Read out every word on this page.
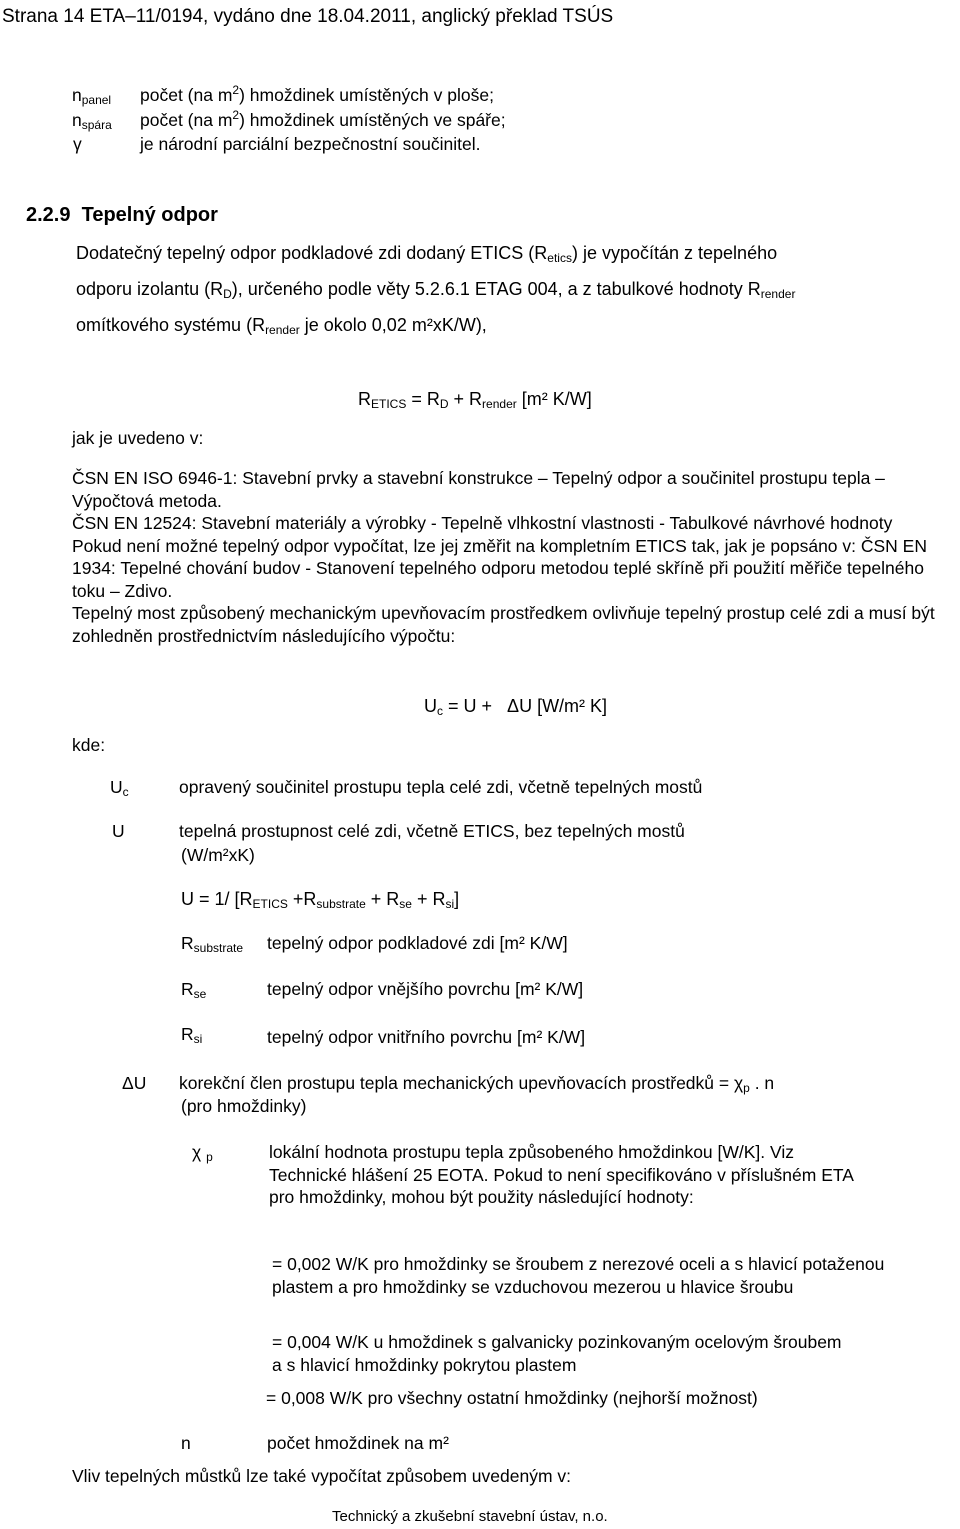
Strana 14 ETA–11/0194, vydáno dne 18.04.2011, anglický překlad TSÚS
$n_{panel}$ počet (na $m^2$) hmoždinek umístěných v ploše;
$n_{spára}$ počet (na $m^2$) hmoždinek umístěných ve spáře;
γ	je národní parciální bezpečnostní součinitel.
2.2.9 Tepelný odpor
Dodatečný tepelný odpor podkladové zdi dodaný ETICS $(R_{etics})$ je vypočítán z tepelného
odporu izolantu $(R_D)$, určeného podle věty 5.2.6.1 ETAG 004, a z tabulkové hodnoty $R_{render}$
omítkového systému ($R_{render}$ je okolo 0,02 m²xK/W),
$R_{ETICS} = R_D + R_{render}$ [m² K/W]
jak je uvedeno v:
ČSN EN ISO 6946-1: Stavební prvky a stavební konstrukce – Tepelný odpor a součinitel prostupu tepla – Výpočtová metoda.
ČSN EN 12524: Stavební materiály a výrobky - Tepelně vlhkostní vlastnosti - Tabulkové návrhové hodnoty
Pokud není možné tepelný odpor vypočítat, lze jej změřit na kompletním ETICS tak, jak je popsáno v: ČSN EN 1934: Tepelné chování budov - Stanovení tepelného odporu metodou teplé skříně při použití měřiče tepelného toku – Zdivo.
Tepelný most způsobený mechanickým upevňovacím prostředkem ovlivňuje tepelný prostup celé zdi a musí být zohledněn prostřednictvím následujícího výpočtu:
$U_c = U + \Delta U$ [W/m² K]
kde:
$U_c$	opravený součinitel prostupu tepla celé zdi, včetně tepelných mostů
U	tepelná prostupnost celé zdi, včetně ETICS, bez tepelných mostů
(W/m²xK)
U = 1/ $[R_{ETICS} +R_{substrate} + R_{se} + R_{si}]$
$R_{substrate}$ tepelný odpor podkladové zdi [m² K/W]
$R_{se}$	tepelný odpor vnějšího povrchu [m² K/W]
$R_{si}$	tepelný odpor vnitřního povrchu [m² K/W]
ΔU korekční člen prostupu tepla mechanických upevňovacích prostředků = $\chi_p$ . n
(pro hmoždinky)
χ $_p$	lokální hodnota prostupu tepla způsobeného hmoždinkou [W/K]. Viz Technické hlášení 25 EOTA. Pokud to není specifikováno v příslušném ETA pro hmoždinky, mohou být použity následující hodnoty:
= 0,002 W/K pro hmoždinky se šroubem z nerezové oceli a s hlavicí potaženou plastem a pro hmoždinky se vzduchovou mezerou u hlavice šroubu
= 0,004 W/K u hmoždinek s galvanicky pozinkovaným ocelovým šroubem a s hlavicí hmoždinky pokrytou plastem
= 0,008 W/K pro všechny ostatní hmoždinky (nejhorší možnost)
n	počet hmoždinek na m²
Vliv tepelných můstků lze také vypočítat způsobem uvedeným v:
Technický a zkušební stavební ústav, n.o.
